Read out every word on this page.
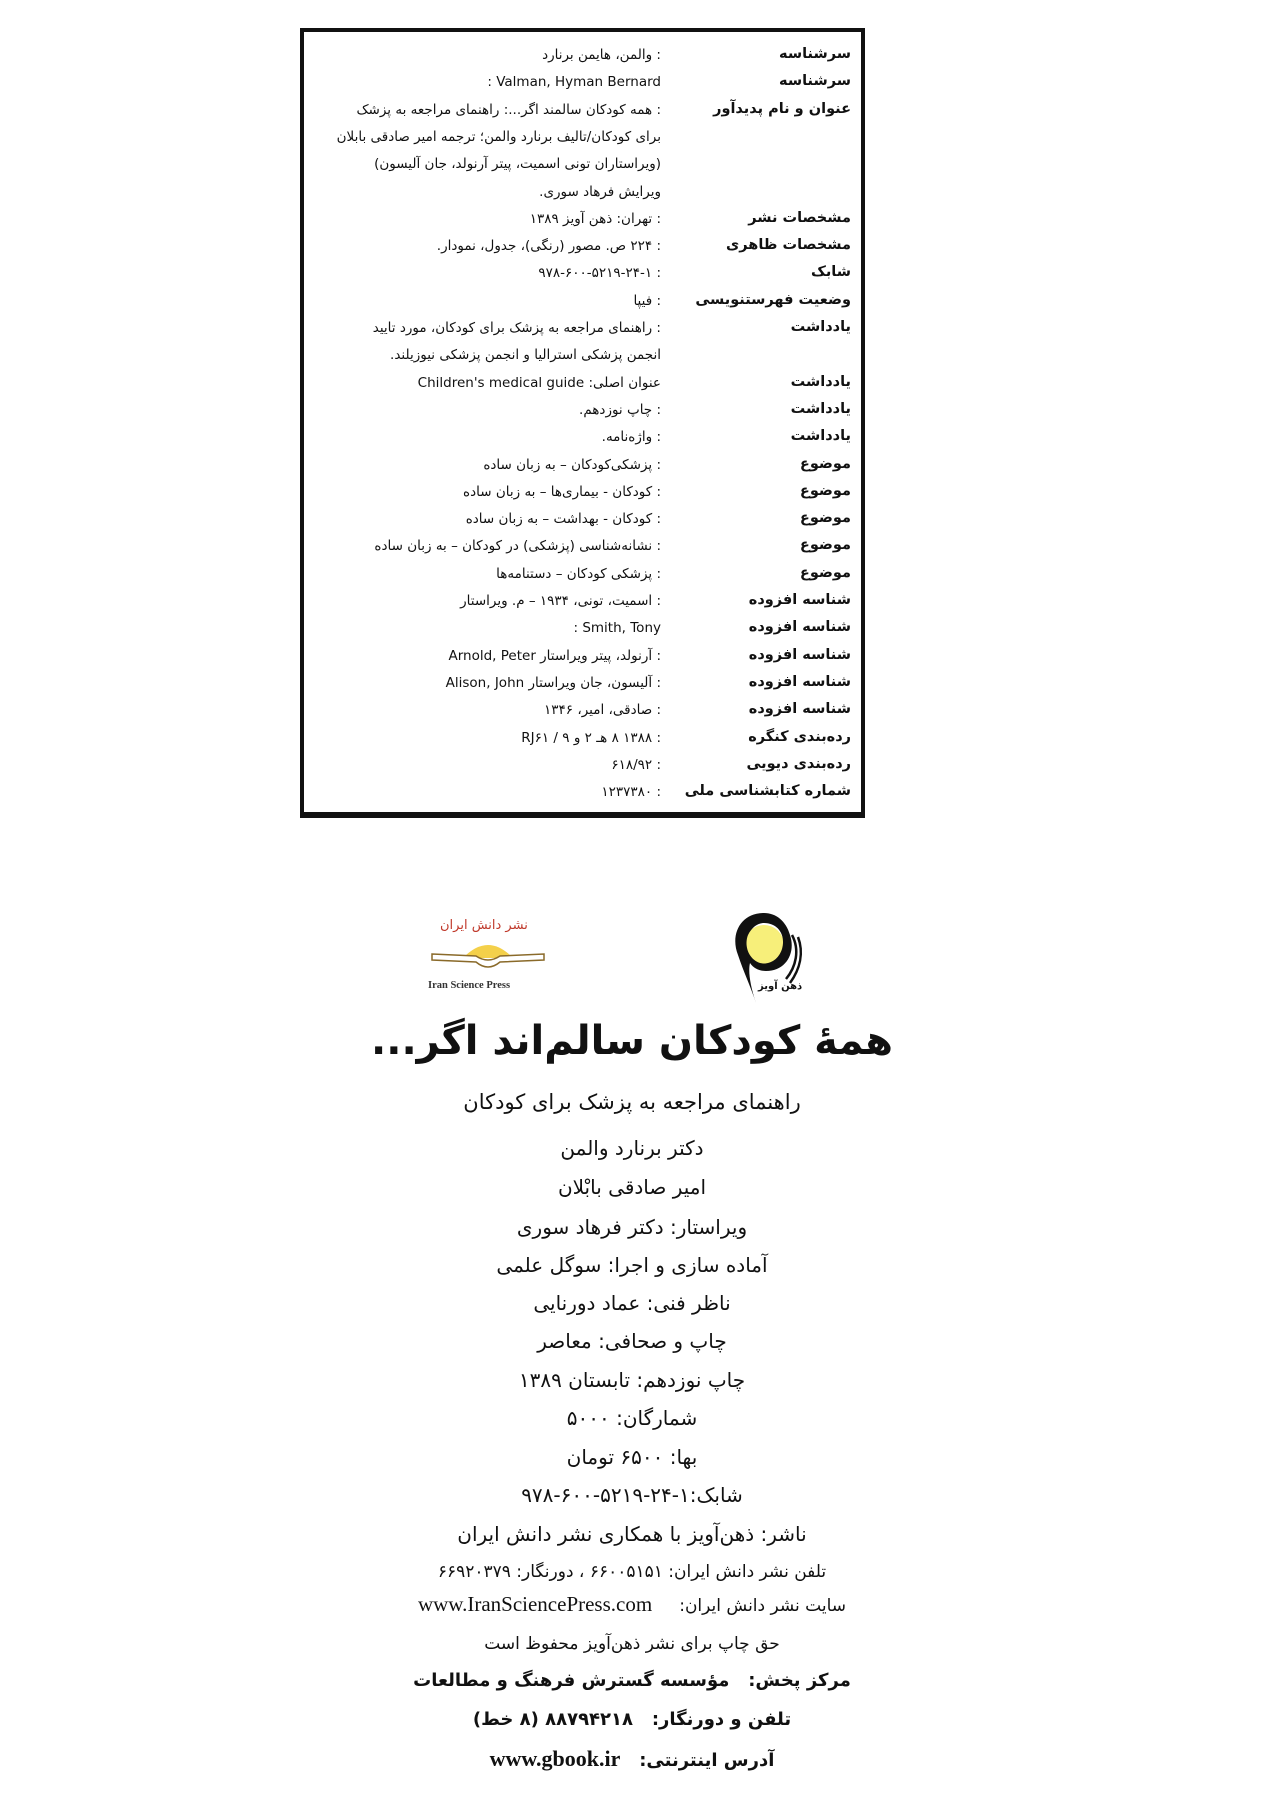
سرشناسه
: والمن، هایمن برنارد
سرشناسه
Valman, Hyman Bernard :
عنوان و نام پدیدآور
: همه کودکان سالمند اگر...: راهنمای مراجعه به پزشک
برای کودکان/تالیف برنارد والمن؛ ترجمه امیر صادقی بابلان
(ویراستاران تونی اسمیت، پیتر آرنولد، جان آلیسون)
ویرایش فرهاد سوری.
مشخصات نشر
: تهران: ذهن آویز ۱۳۸۹
مشخصات ظاهری
: ۲۲۴ ص. مصور (رنگی)، جدول، نمودار.
شابک
: ۹۷۸-۶۰۰-۵۲۱۹-۲۴-۱
وضعیت فهرستنویسی
: فیپا
یادداشت
: راهنمای مراجعه به پزشک برای کودکان، مورد تایید
انجمن پزشکی استرالیا و انجمن پزشکی نیوزیلند.
یادداشت
عنوان اصلی: Children's medical guide
یادداشت
: چاپ نوزدهم.
یادداشت
: واژه‌نامه.
موضوع
: پزشکی‌کودکان – به زبان ساده
موضوع
: کودکان - بیماری‌ها – به زبان ساده
موضوع
: کودکان - بهداشت – به زبان ساده
موضوع
: نشانه‌شناسی (پزشکی) در کودکان – به زبان ساده
موضوع
: پزشکی کودکان – دستنامه‌ها
شناسه افزوده
: اسمیت، تونی، ۱۹۳۴ – م. ویراستار
شناسه افزوده
Smith, Tony :
شناسه افزوده
: آرنولد، پیتر ویراستار Arnold, Peter
شناسه افزوده
: آلیسون، جان ویراستار Alison, John
شناسه افزوده
: صادقی، امیر، ۱۳۴۶
رده‌بندی کنگره
: ۱۳۸۸ ۸ هـ ۲ و RJ۶۱ / ۹
رده‌بندی دیویی
: ۶۱۸/۹۲
شماره کتابشناسی ملی
: ۱۲۳۷۳۸۰
ذهن آویز
نشر دانش ایران
Iran Science Press
همهٔ کودکان سالم‌اند اگر...
راهنمای مراجعه به پزشک برای کودکان
دکتر برنارد والمن
امیر صادقی بابْلان
ویراستار: دکتر فرهاد سوری
آماده سازی و اجرا: سوگل علمی
ناظر فنی: عماد دورنایی
چاپ و صحافی: معاصر
چاپ نوزدهم: تابستان ۱۳۸۹
شمارگان: ۵۰۰۰
بها: ۶۵۰۰ تومان
شابک:۱-۲۴-۵۲۱۹-۶۰۰-۹۷۸
ناشر: ذهن‌آویز با همکاری نشر دانش ایران
تلفن نشر دانش ایران: ۶۶۰۰۵۱۵۱ ، دورنگار: ۶۶۹۲۰۳۷۹
سایت نشر دانش ایران:     www.IranSciencePress.com
حق چاپ برای نشر ذهن‌آویز محفوظ است
مرکز پخش:   مؤسسه گسترش فرهنگ و مطالعات
تلفن و دورنگار:   ۸۸۷۹۴۲۱۸ (۸ خط)
آدرس اینترنتی:   www.gbook.ir
